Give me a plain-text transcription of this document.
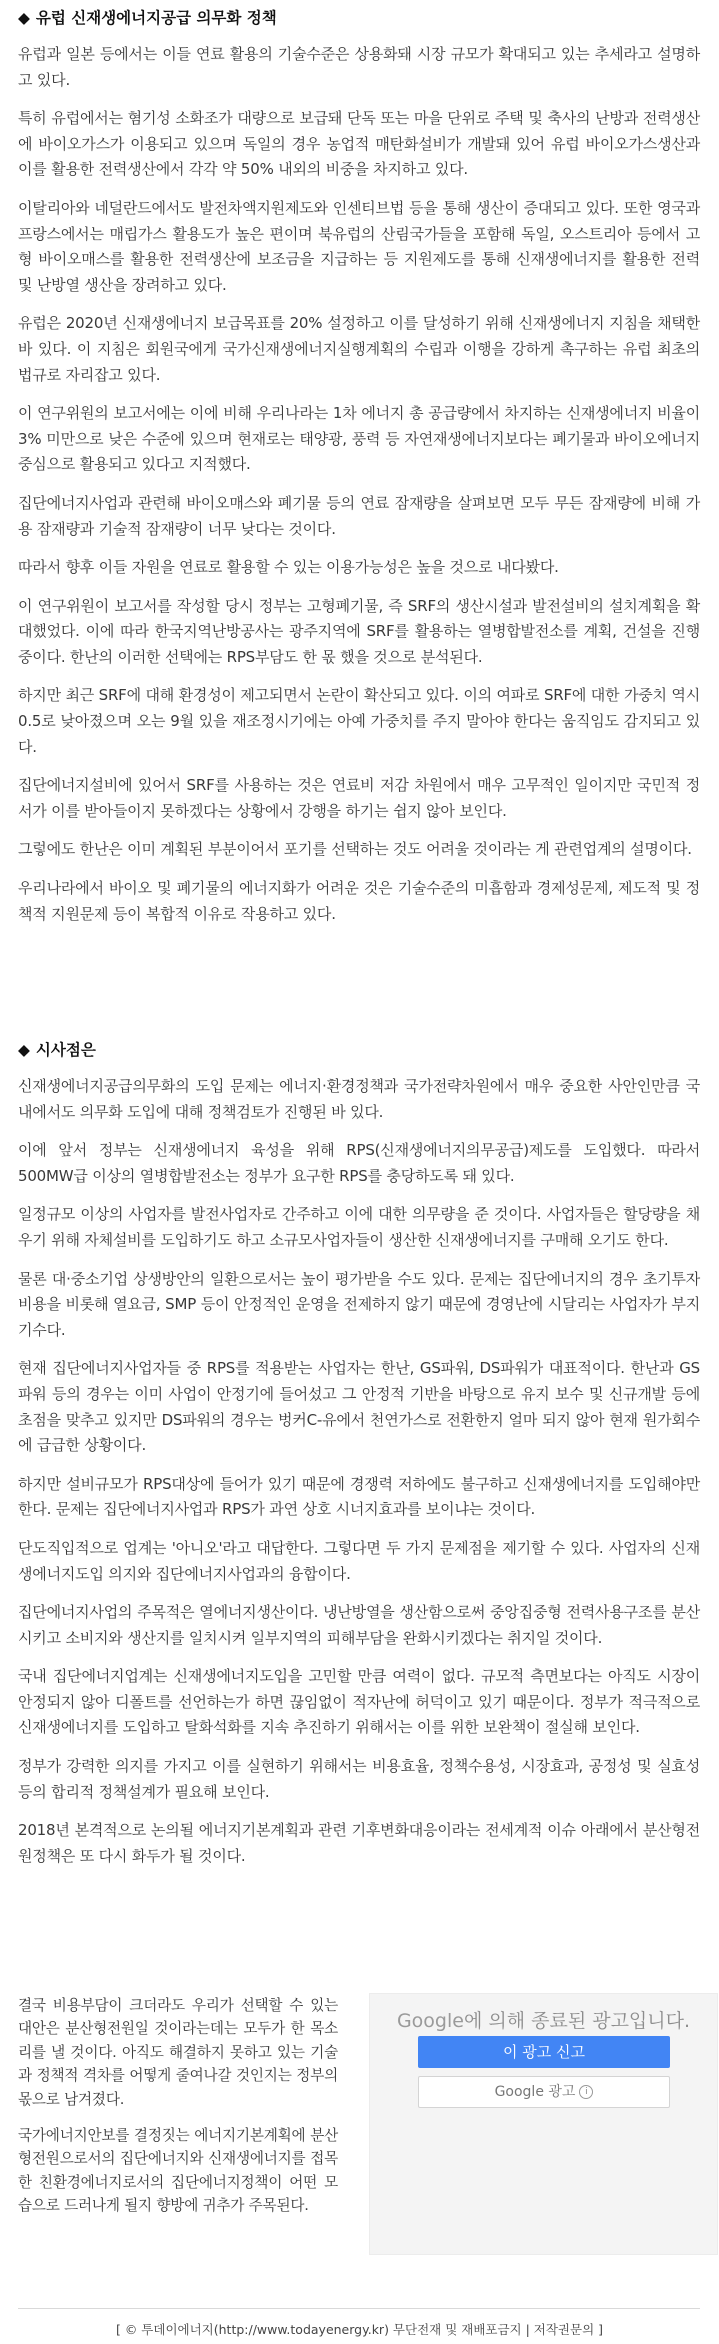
◆ 유럽 신재생에너지공급 의무화 정책

유럽과 일본 등에서는 이들 연료 활용의 기술수준은 상용화돼 시장 규모가 확대되고 있는 추세라고 설명하고 있다.

특히 유럽에서는 혐기성 소화조가 대량으로 보급돼 단독 또는 마을 단위로 주택 및 축사의 난방과 전력생산에 바이오가스가 이용되고 있으며 독일의 경우 농업적 매탄화설비가 개발돼 있어 유럽 바이오가스생산과 이를 활용한 전력생산에서 각각 약 50% 내외의 비중을 차지하고 있다.

이탈리아와 네덜란드에서도 발전차액지원제도와 인센티브법 등을 통해 생산이 증대되고 있다. 또한 영국과 프랑스에서는 매립가스 활용도가 높은 편이며 북유럽의 산림국가들을 포함해 독일, 오스트리아 등에서 고형 바이오매스를 활용한 전력생산에 보조금을 지급하는 등 지원제도를 통해 신재생에너지를 활용한 전력 및 난방열 생산을 장려하고 있다.

유럽은 2020년 신재생에너지 보급목표를 20% 설정하고 이를 달성하기 위해 신재생에너지 지침을 채택한 바 있다. 이 지침은 회원국에게 국가신재생에너지실행계획의 수립과 이행을 강하게 촉구하는 유럽 최초의 법규로 자리잡고 있다.

이 연구위원의 보고서에는 이에 비해 우리나라는 1차 에너지 총 공급량에서 차지하는 신재생에너지 비율이 3% 미만으로 낮은 수준에 있으며 현재로는 태양광, 풍력 등 자연재생에너지보다는 폐기물과 바이오에너지 중심으로 활용되고 있다고 지적했다.

집단에너지사업과 관련해 바이오매스와 폐기물 등의 연료 잠재량을 살펴보면 모두 무든 잠재량에 비해 가용 잠재량과 기술적 잠재량이 너무 낮다는 것이다.

따라서 향후 이들 자원을 연료로 활용할 수 있는 이용가능성은 높을 것으로 내다봤다.

이 연구위원이 보고서를 작성할 당시 정부는 고형폐기물, 즉 SRF의 생산시설과 발전설비의 설치계획을 확대했었다. 이에 따라 한국지역난방공사는 광주지역에 SRF를 활용하는 열병합발전소를 계획, 건설을 진행 중이다. 한난의 이러한 선택에는 RPS부담도 한 몫 했을 것으로 분석된다.

하지만 최근 SRF에 대해 환경성이 제고되면서 논란이 확산되고 있다. 이의 여파로 SRF에 대한 가중치 역시 0.5로 낮아졌으며 오는 9월 있을 재조정시기에는 아예 가중치를 주지 말아야 한다는 움직임도 감지되고 있다.

집단에너지설비에 있어서 SRF를 사용하는 것은 연료비 저감 차원에서 매우 고무적인 일이지만 국민적 정서가 이를 받아들이지 못하겠다는 상황에서 강행을 하기는 쉽지 않아 보인다.

그렇에도 한난은 이미 계획된 부분이어서 포기를 선택하는 것도 어려울 것이라는 게 관련업계의 설명이다.

우리나라에서 바이오 및 폐기물의 에너지화가 어려운 것은 기술수준의 미흡함과 경제성문제, 제도적 및 정책적 지원문제 등이 복합적 이유로 작용하고 있다.

◆ 시사점은

신재생에너지공급의무화의 도입 문제는 에너지·환경정책과 국가전략차원에서 매우 중요한 사안인만큼 국내에서도 의무화 도입에 대해 정책검토가 진행된 바 있다.

이에 앞서 정부는 신재생에너지 육성을 위해 RPS(신재생에너지의무공급)제도를 도입했다. 따라서 500MW급 이상의 열병합발전소는 정부가 요구한 RPS를 충당하도록 돼 있다.

일정규모 이상의 사업자를 발전사업자로 간주하고 이에 대한 의무량을 준 것이다. 사업자들은 할당량을 채우기 위해 자체설비를 도입하기도 하고 소규모사업자들이 생산한 신재생에너지를 구매해 오기도 한다.

물론 대·중소기업 상생방안의 일환으로서는 높이 평가받을 수도 있다. 문제는 집단에너지의 경우 초기투자비용을 비롯해 열요금, SMP 등이 안정적인 운영을 전제하지 않기 때문에 경영난에 시달리는 사업자가 부지기수다.

현재 집단에너지사업자들 중 RPS를 적용받는 사업자는 한난, GS파워, DS파워가 대표적이다. 한난과 GS파워 등의 경우는 이미 사업이 안정기에 들어섰고 그 안정적 기반을 바탕으로 유지 보수 및 신규개발 등에 초점을 맞추고 있지만 DS파워의 경우는 벙커C-유에서 천연가스로 전환한지 얼마 되지 않아 현재 원가회수에 급급한 상황이다.

하지만 설비규모가 RPS대상에 들어가 있기 때문에 경쟁력 저하에도 불구하고 신재생에너지를 도입해야만 한다. 문제는 집단에너지사업과 RPS가 과연 상호 시너지효과를 보이냐는 것이다.

단도직입적으로 업계는 '아니오'라고 대답한다. 그렇다면 두 가지 문제점을 제기할 수 있다. 사업자의 신재생에너지도입 의지와 집단에너지사업과의 융합이다.

집단에너지사업의 주목적은 열에너지생산이다. 냉난방열을 생산함으로써 중앙집중형 전력사용구조를 분산시키고 소비지와 생산지를 일치시켜 일부지역의 피해부담을 완화시키겠다는 취지일 것이다.

국내 집단에너지업계는 신재생에너지도입을 고민할 만큼 여력이 없다. 규모적 측면보다는 아직도 시장이 안정되지 않아 디폴트를 선언하는가 하면 끊임없이 적자난에 허덕이고 있기 때문이다. 정부가 적극적으로 신재생에너지를 도입하고 탈화석화를 지속 추진하기 위해서는 이를 위한 보완책이 절실해 보인다.

정부가 강력한 의지를 가지고 이를 실현하기 위해서는 비용효율, 정책수용성, 시장효과, 공정성 및 실효성 등의 합리적 정책설계가 필요해 보인다.

2018년 본격적으로 논의될 에너지기본계획과 관련 기후변화대응이라는 전세계적 이슈 아래에서 분산형전원정책은 또 다시 화두가 될 것이다.

결국 비용부담이 크더라도 우리가 선택할 수 있는 대안은 분산형전원일 것이라는데는 모두가 한 목소리를 낼 것이다. 아직도 해결하지 못하고 있는 기술과 정책적 격차를 어떻게 줄여나갈 것인지는 정부의 몫으로 남겨졌다.

국가에너지안보를 결정짓는 에너지기본계획에 분산형전원으로서의 집단에너지와 신재생에너지를 접목한 친환경에너지로서의 집단에너지정책이 어떤 모습으로 드러나게 될지 향방에 귀추가 주목된다.

Google에 의해 종료된 광고입니다.
이 광고 신고
Google 광고 i
[ © 투데이에너지(http://www.todayenergy.kr) 무단전재 및 재배포금지 | 저작권문의 ]
